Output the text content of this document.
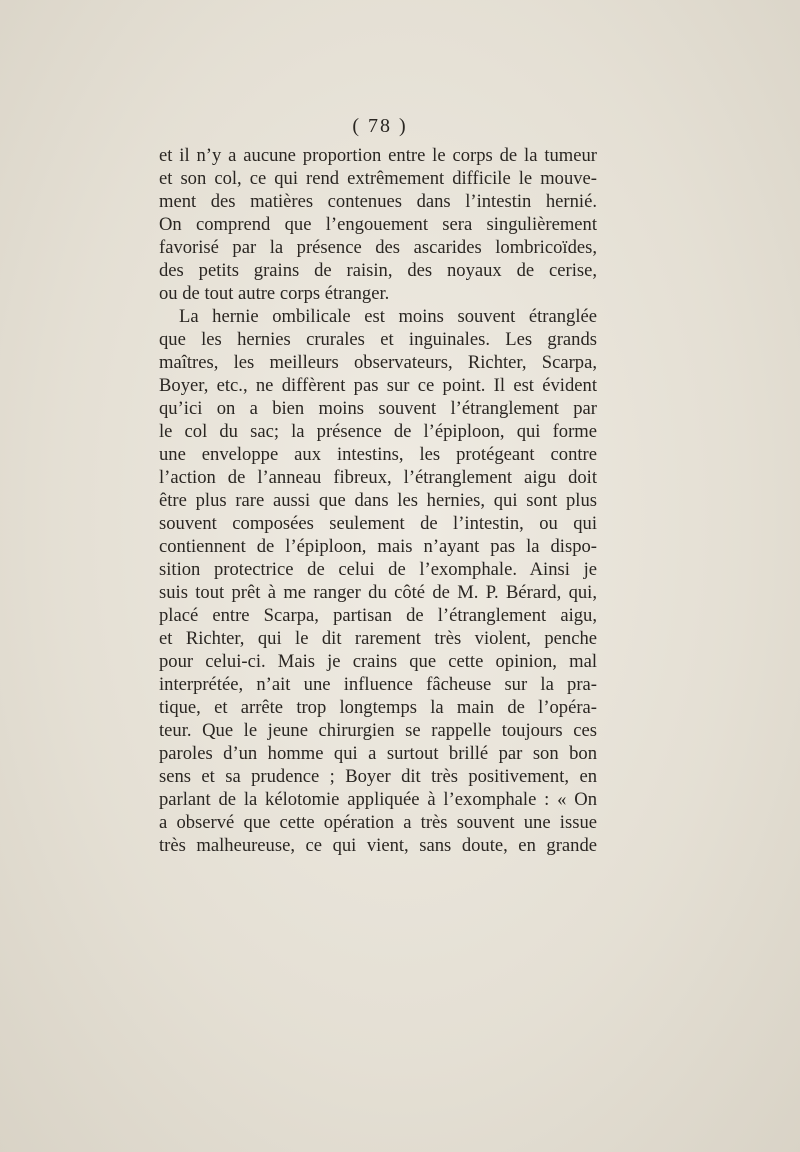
( 78 )
et il n’y a aucune proportion entre le corps de la tumeur
et son col, ce qui rend extrêmement difficile le mouve-
ment des matières contenues dans l’intestin hernié.
On comprend que l’engouement sera singulièrement
favorisé par la présence des ascarides lombricoïdes,
des petits grains de raisin, des noyaux de cerise,
ou de tout autre corps étranger.
La hernie ombilicale est moins souvent étranglée
que les hernies crurales et inguinales. Les grands
maîtres, les meilleurs observateurs, Richter, Scarpa,
Boyer, etc., ne diffèrent pas sur ce point. Il est évident
qu’ici on a bien moins souvent l’étranglement par
le col du sac; la présence de l’épiploon, qui forme
une enveloppe aux intestins, les protégeant contre
l’action de l’anneau fibreux, l’étranglement aigu doit
être plus rare aussi que dans les hernies, qui sont plus
souvent composées seulement de l’intestin, ou qui
contiennent de l’épiploon, mais n’ayant pas la dispo-
sition protectrice de celui de l’exomphale. Ainsi je
suis tout prêt à me ranger du côté de M. P. Bérard, qui,
placé entre Scarpa, partisan de l’étranglement aigu,
et Richter, qui le dit rarement très violent, penche
pour celui-ci. Mais je crains que cette opinion, mal
interprétée, n’ait une influence fâcheuse sur la pra-
tique, et arrête trop longtemps la main de l’opéra-
teur. Que le jeune chirurgien se rappelle toujours ces
paroles d’un homme qui a surtout brillé par son bon
sens et sa prudence ; Boyer dit très positivement, en
parlant de la kélotomie appliquée à l’exomphale : « On
a observé que cette opération a très souvent une issue
très malheureuse, ce qui vient, sans doute, en grande
